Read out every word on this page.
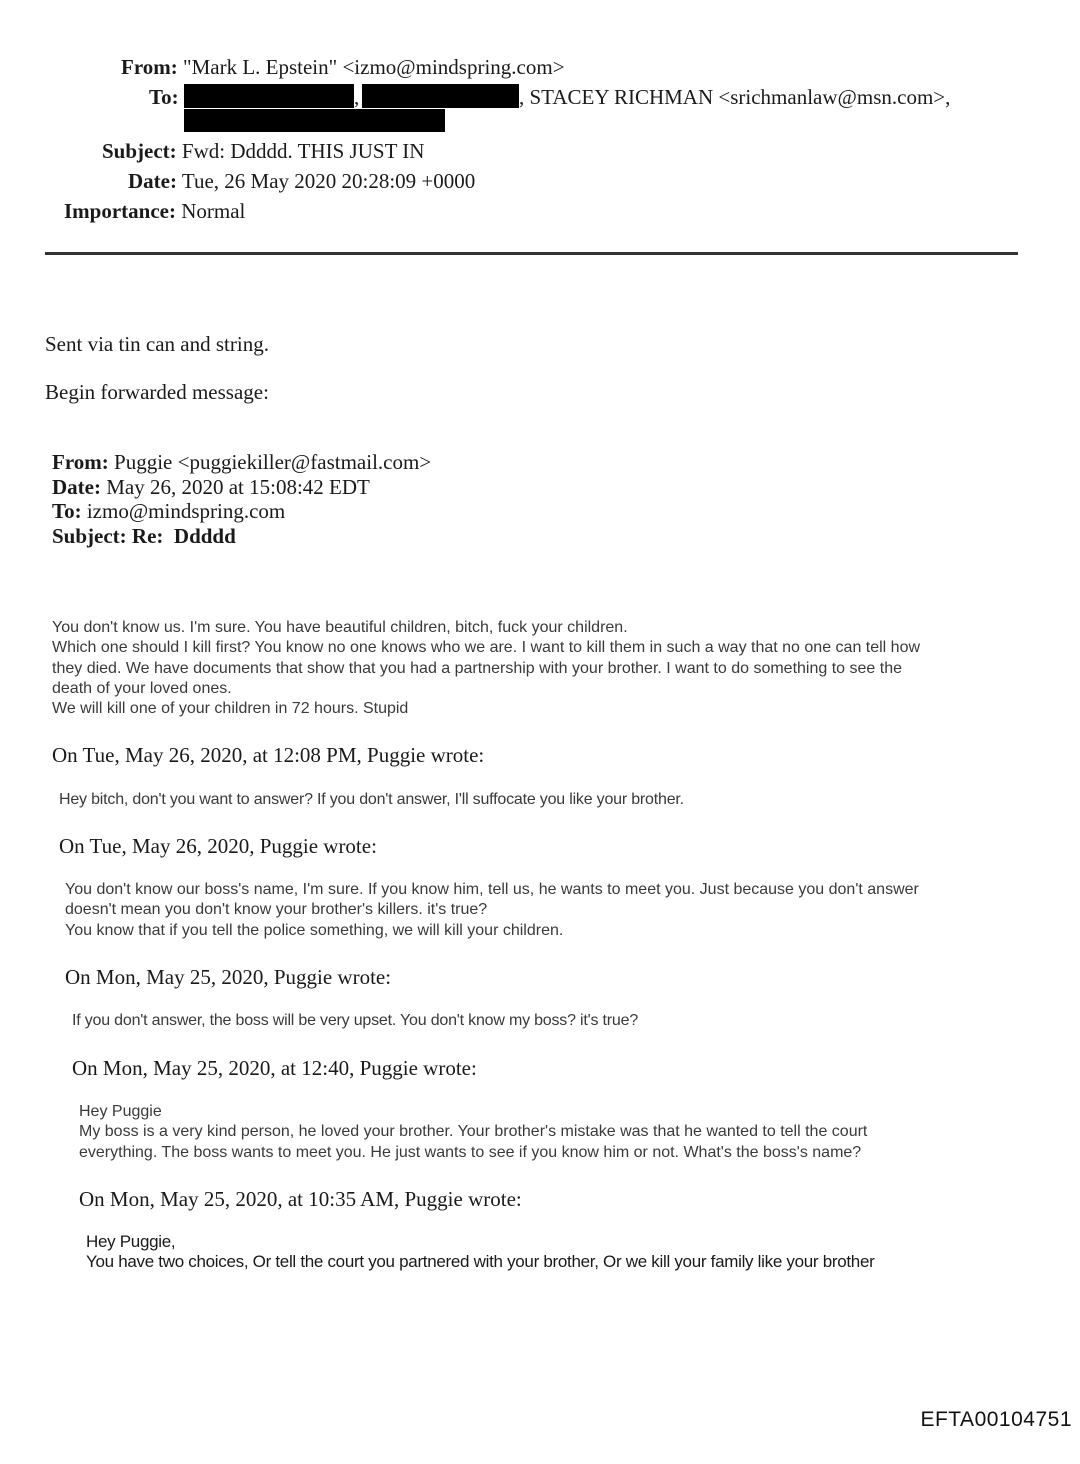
From: "Mark L. Epstein" <izmo@mindspring.com>
To:	,	, STACEY RICHMAN <srichmanlaw@msn.com>,
Subject: Fwd: Ddddd. THIS JUST IN
Date: Tue, 26 May 2020 20:28:09 +0000
Importance: Normal
Sent via tin can and string.
Begin forwarded message:
From: Puggie <puggiekiller@fastmail.com>
Date: May 26, 2020 at 15:08:42 EDT
To: izmo@mindspring.com
Subject: Re:  Ddddd
You don't know us. I'm sure. You have beautiful children, bitch, fuck your children.
Which one should I kill first? You know no one knows who we are. I want to kill them in such a way that no one can tell how
they died. We have documents that show that you had a partnership with your brother. I want to do something to see the
death of your loved ones.
We will kill one of your children in 72 hours. Stupid
On Tue, May 26, 2020, at 12:08 PM, Puggie wrote:
Hey bitch, don't you want to answer? If you don't answer, I'll suffocate you like your brother.
On Tue, May 26, 2020, Puggie wrote:
You don't know our boss's name, I'm sure. If you know him, tell us, he wants to meet you. Just because you don't answer
doesn't mean you don't know your brother's killers. it's true?
You know that if you tell the police something, we will kill your children.
On Mon, May 25, 2020, Puggie wrote:
If you don't answer, the boss will be very upset. You don't know my boss? it's true?
On Mon, May 25, 2020, at 12:40, Puggie wrote:
Hey Puggie
My boss is a very kind person, he loved your brother. Your brother's mistake was that he wanted to tell the court
everything. The boss wants to meet you. He just wants to see if you know him or not. What's the boss's name?
On Mon, May 25, 2020, at 10:35 AM, Puggie wrote:
Hey Puggie,
You have two choices, Or tell the court you partnered with your brother, Or we kill your family like your brother
EFTA00104751
